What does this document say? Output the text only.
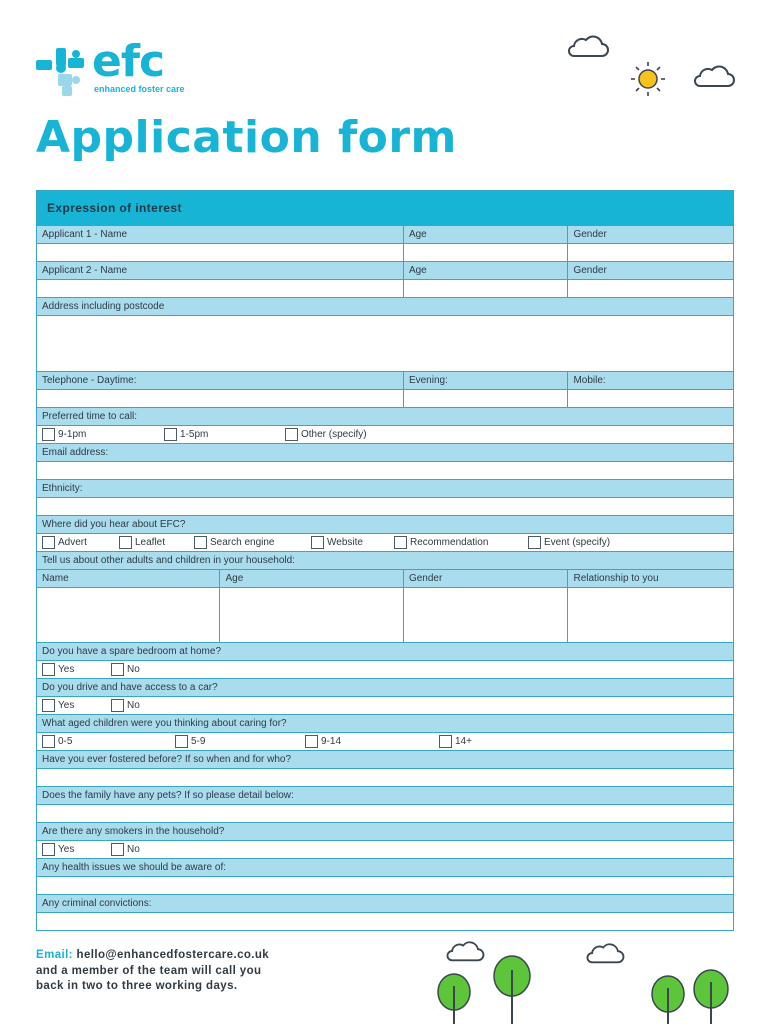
efc
enhanced foster care
Application form
Expression of interest
Applicant 1 - Name	Age	Gender
Applicant 2 - Name	Age	Gender
Address including postcode
Telephone - Daytime:	Evening:	Mobile:
Preferred time to call:
9-1pm	1-5pm	Other (specify)
Email address:
Ethnicity:
Where did you hear about EFC?
Advert	Leaflet	Search engine	Website	Recommendation	Event (specify)
Tell us about other adults and children in your household:
Name	Age	Gender	Relationship to you
Do you have a spare bedroom at home?
Yes	No
Do you drive and have access to a car?
Yes	No
What aged children were you thinking about caring for?
0-5	5-9	9-14	14+
Have you ever fostered before? If so when and for who?
Does the family have any pets? If so please detail below:
Are there any smokers in the household?
Yes	No
Any health issues we should be aware of:
Any criminal convictions:
Email: hello@enhancedfostercare.co.uk
and a member of the team will call you
back in two to three working days.
